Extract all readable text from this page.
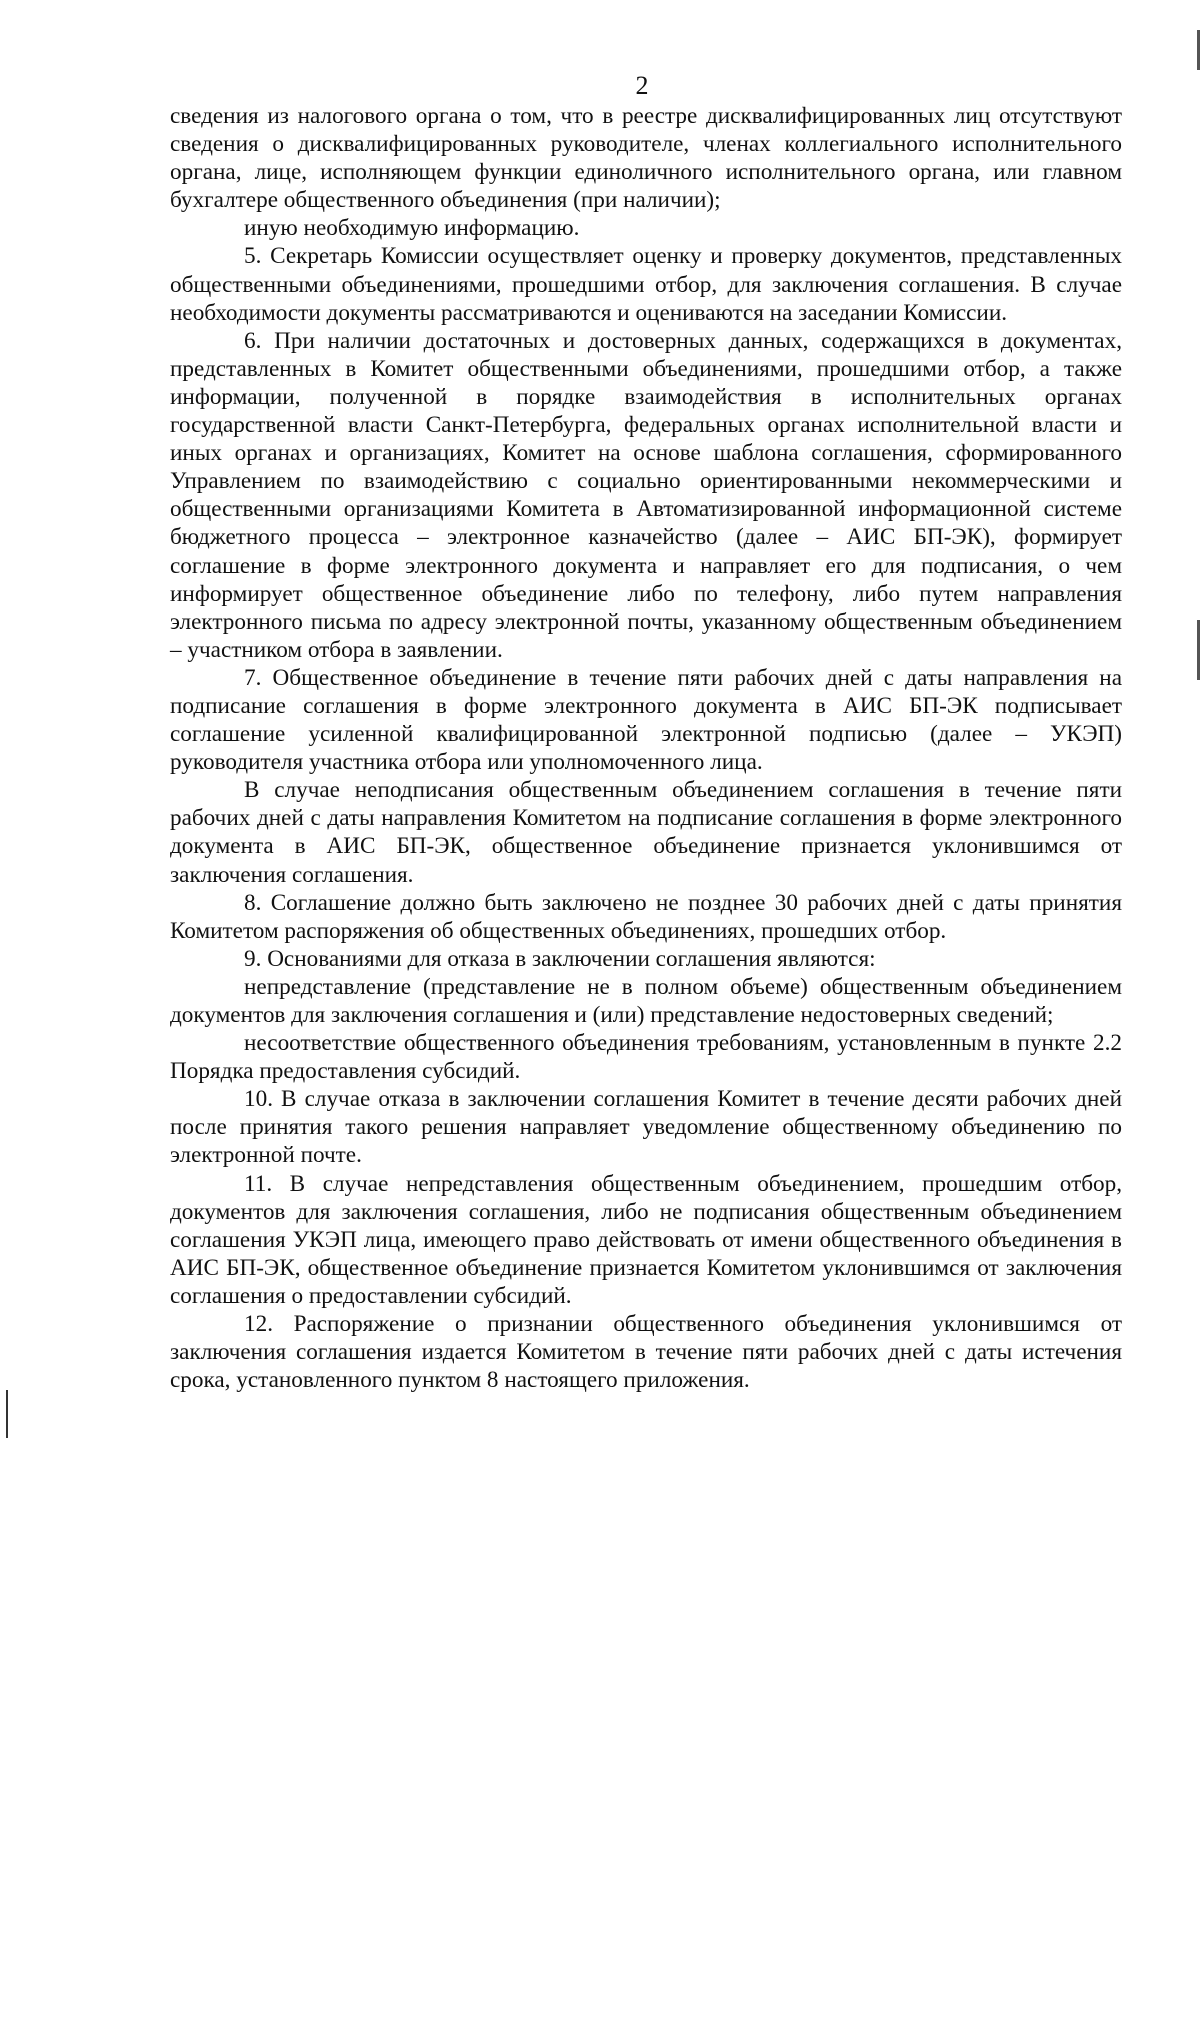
2

сведения из налогового органа о том, что в реестре дисквалифицированных лиц отсутствуют сведения о дисквалифицированных руководителе, членах коллегиального исполнительного органа, лице, исполняющем функции единоличного исполнительного органа, или главном бухгалтере общественного объединения (при наличии);

иную необходимую информацию.

5. Секретарь Комиссии осуществляет оценку и проверку документов, представленных общественными объединениями, прошедшими отбор, для заключения соглашения. В случае необходимости документы рассматриваются и оцениваются на заседании Комиссии.

6. При наличии достаточных и достоверных данных, содержащихся в документах, представленных в Комитет общественными объединениями, прошедшими отбор, а также информации, полученной в порядке взаимодействия в исполнительных органах государственной власти Санкт-Петербурга, федеральных органах исполнительной власти и иных органах и организациях, Комитет на основе шаблона соглашения, сформированного Управлением по взаимодействию с социально ориентированными некоммерческими и общественными организациями Комитета в Автоматизированной информационной системе бюджетного процесса – электронное казначейство (далее – АИС БП-ЭК), формирует соглашение в форме электронного документа и направляет его для подписания, о чем информирует общественное объединение либо по телефону, либо путем направления электронного письма по адресу электронной почты, указанному общественным объединением – участником отбора в заявлении.

7. Общественное объединение в течение пяти рабочих дней с даты направления на подписание соглашения в форме электронного документа в АИС БП-ЭК подписывает соглашение усиленной квалифицированной электронной подписью (далее – УКЭП) руководителя участника отбора или уполномоченного лица.

В случае неподписания общественным объединением соглашения в течение пяти рабочих дней с даты направления Комитетом на подписание соглашения в форме электронного документа в АИС БП-ЭК, общественное объединение признается уклонившимся от заключения соглашения.

8. Соглашение должно быть заключено не позднее 30 рабочих дней с даты принятия Комитетом распоряжения об общественных объединениях, прошедших отбор.

9. Основаниями для отказа в заключении соглашения являются:

непредставление (представление не в полном объеме) общественным объединением документов для заключения соглашения и (или) представление недостоверных сведений;

несоответствие общественного объединения требованиям, установленным в пункте 2.2 Порядка предоставления субсидий.

10. В случае отказа в заключении соглашения Комитет в течение десяти рабочих дней после принятия такого решения направляет уведомление общественному объединению по электронной почте.

11. В случае непредставления общественным объединением, прошедшим отбор, документов для заключения соглашения, либо не подписания общественным объединением соглашения УКЭП лица, имеющего право действовать от имени общественного объединения в АИС БП-ЭК, общественное объединение признается Комитетом уклонившимся от заключения соглашения о предоставлении субсидий.

12. Распоряжение о признании общественного объединения уклонившимся от заключения соглашения издается Комитетом в течение пяти рабочих дней с даты истечения срока, установленного пунктом 8 настоящего приложения.
